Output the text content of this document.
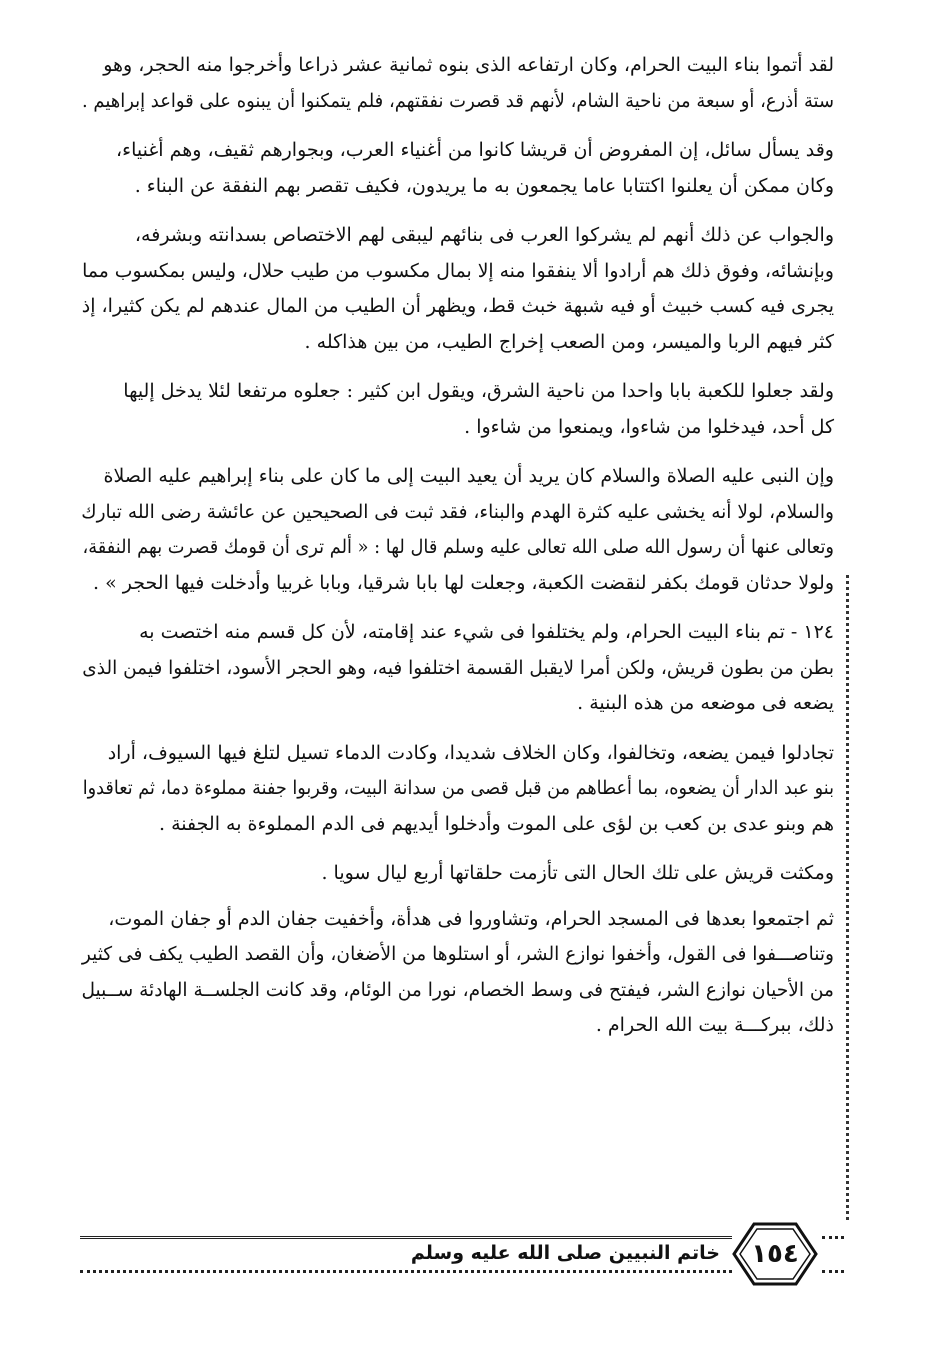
لقد أتموا بناء البيت الحرام، وكان ارتفاعه الذى بنوه ثمانية عشر ذراعا وأخرجوا منه الحجر، وهو
ستة أذرع، أو سبعة من ناحية الشام، لأنهم قد قصرت نفقتهم، فلم يتمكنوا أن يبنوه على قواعد إبراهيم .
وقد يسأل سائل، إن المفروض أن قريشا كانوا من أغنياء العرب، وبجوارهم ثقيف، وهم أغنياء،
وكان ممكن أن يعلنوا اكتتابا عاما يجمعون به ما يريدون، فكيف تقصر بهم النفقة عن البناء .
والجواب عن ذلك أنهم لم يشركوا العرب فى بنائهم ليبقى لهم الاختصاص بسدانته وبشرفه،
وبإنشائه، وفوق ذلك هم أرادوا ألا ينفقوا منه إلا بمال مكسوب من طيب حلال، وليس بمكسوب مما
يجرى فيه كسب خبيث أو فيه شبهة خبث قط، ويظهر أن الطيب من المال عندهم لم يكن كثيرا، إذ
كثر فيهم الربا والميسر، ومن الصعب إخراج الطيب، من بين هذاكله .
ولقد جعلوا للكعبة بابا واحدا من ناحية الشرق، ويقول ابن كثير : جعلوه مرتفعا لئلا يدخل إليها
كل أحد، فيدخلوا من شاءوا، ويمنعوا من شاءوا .
وإن النبى عليه الصلاة والسلام كان يريد أن يعيد البيت إلى ما كان على بناء إبراهيم عليه الصلاة
والسلام، لولا أنه يخشى عليه كثرة الهدم والبناء، فقد ثبت فى الصحيحين عن عائشة رضى الله تبارك
وتعالى عنها أن رسول الله صلى الله تعالى عليه وسلم قال لها : « ألم ترى أن قومك قصرت بهم النفقة،
ولولا حدثان قومك بكفر لنقضت الكعبة، وجعلت لها بابا شرقيا، وبابا غربيا وأدخلت فيها الحجر » .
١٢٤ - تم بناء البيت الحرام، ولم يختلفوا فى شيء عند إقامته، لأن كل قسم منه اختصت به
بطن من بطون قريش، ولكن أمرا لايقبل القسمة اختلفوا فيه، وهو الحجر الأسود، اختلفوا فيمن الذى
يضعه فى موضعه من هذه البنية .
تجادلوا فيمن يضعه، وتخالفوا، وكان الخلاف شديدا، وكادت الدماء تسيل لتلغ فيها السيوف، أراد
بنو عبد الدار أن يضعوه، بما أعطاهم من قبل قصى من سدانة البيت، وقربوا جفنة مملوءة دما، ثم تعاقدوا
هم وبنو عدى بن كعب بن لؤى على الموت وأدخلوا أيديهم فى الدم المملوءة به الجفنة .
ومكثت قريش على تلك الحال التى تأزمت حلقاتها أربع ليال سويا .
ثم اجتمعوا بعدها فى المسجد الحرام، وتشاوروا فى هدأة، وأخفيت جفان الدم أو جفان الموت،
وتناصـــفوا فى القول، وأخفوا نوازع الشر، أو استلوها من الأضغان، وأن القصد الطيب يكف فى كثير
من الأحيان نوازع الشر، فيفتح فى وسط الخصام، نورا من الوئام، وقد كانت الجلســة الهادئة ســبيل
ذلك، ببركـــة بيت الله الحرام .
خاتم النبيين صلى الله عليه وسلم	١٥٤
